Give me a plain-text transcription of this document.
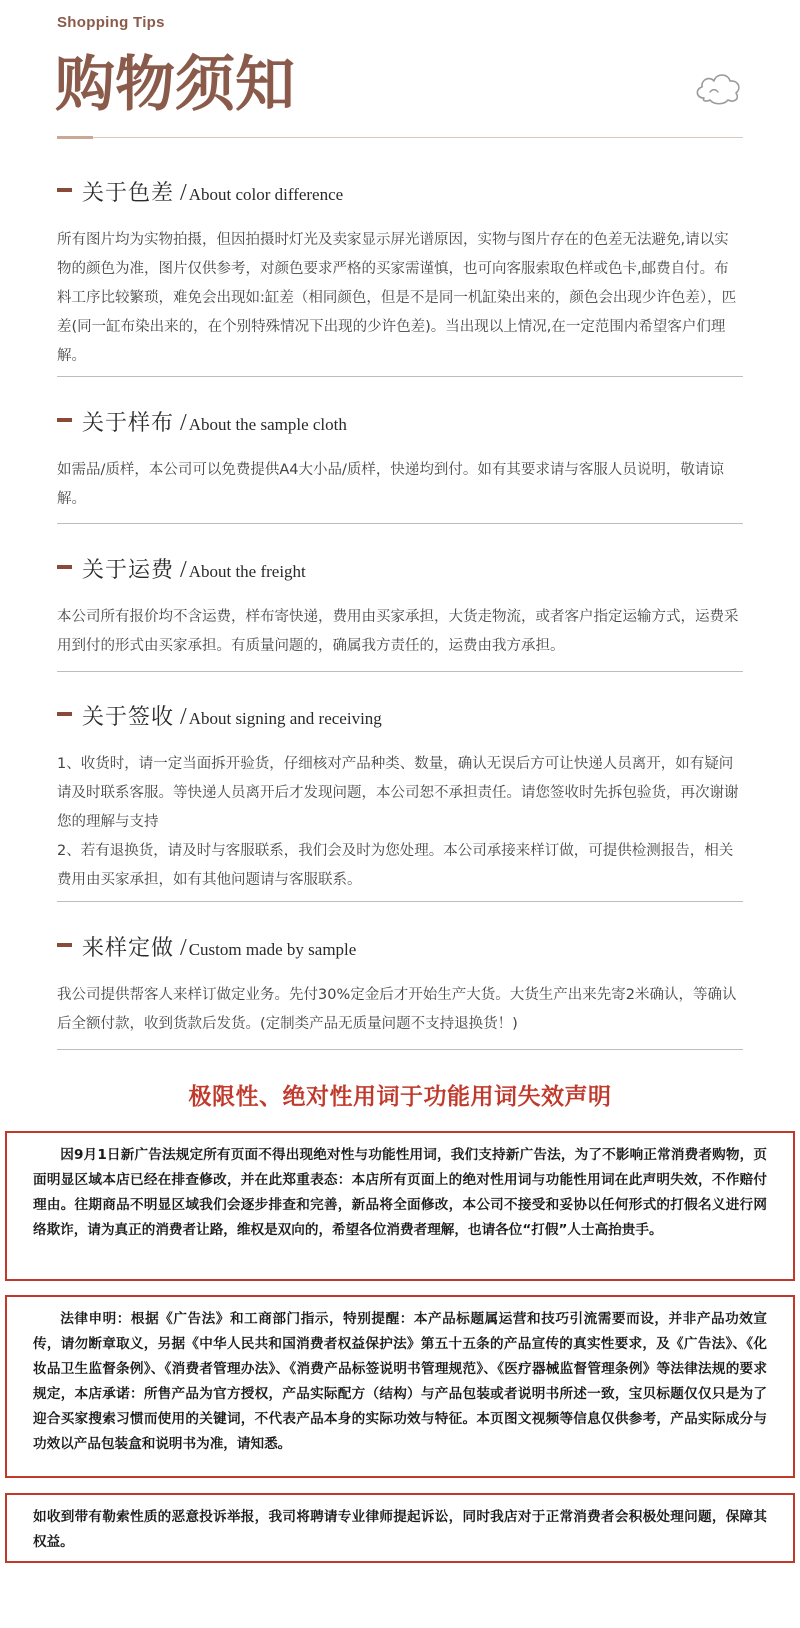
Shopping Tips
购物须知
关于色差 / About color difference

所有图片均为实物拍摄，但因拍摄时灯光及卖家显示屏光谱原因，实物与图片存在的色差无法避免,请以实物的颜色为准，图片仅供参考，对颜色要求严格的买家需谨慎，也可向客服索取色样或色卡,邮费自付。布料工序比较繁琐，难免会出现如:缸差（相同颜色，但是不是同一机缸染出来的，颜色会出现少许色差），匹差(同一缸布染出来的，在个别特殊情况下出现的少许色差)。当出现以上情况,在一定范围内希望客户们理解。

关于样布 / About the sample cloth

如需品/质样，本公司可以免费提供A4大小品/质样，快递均到付。如有其要求请与客服人员说明，敬请谅解。

关于运费 / About the freight

本公司所有报价均不含运费，样布寄快递，费用由买家承担，大货走物流，或者客户指定运输方式，运费采用到付的形式由买家承担。有质量问题的，确属我方责任的，运费由我方承担。

关于签收 / About signing and receiving

1、收货时，请一定当面拆开验货，仔细核对产品种类、数量，确认无误后方可让快递人员离开，如有疑问请及时联系客服。等快递人员离开后才发现问题，本公司恕不承担责任。请您签收时先拆包验货，再次谢谢您的理解与支持

2、若有退换货，请及时与客服联系，我们会及时为您处理。本公司承接来样订做，可提供检测报告，相关费用由买家承担，如有其他问题请与客服联系。

来样定做 / Custom made by sample

我公司提供帮客人来样订做定业务。先付30%定金后才开始生产大货。大货生产出来先寄2米确认，等确认后全额付款，收到货款后发货。(定制类产品无质量问题不支持退换货！)

极限性、绝对性用词于功能用词失效声明

因9月1日新广告法规定所有页面不得出现绝对性与功能性用词，我们支持新广告法，为了不影响正常消费者购物，页面明显区域本店已经在排查修改，并在此郑重表态：本店所有页面上的绝对性用词与功能性用词在此声明失效，不作赔付理由。往期商品不明显区域我们会逐步排查和完善，新品将全面修改，本公司不接受和妥协以任何形式的打假名义进行网络欺诈，请为真正的消费者让路，维权是双向的，希望各位消费者理解，也请各位“打假”人士高抬贵手。

法律申明：根据《广告法》和工商部门指示，特别提醒：本产品标题属运营和技巧引流需要而设，并非产品功效宣传，请勿断章取义，另据《中华人民共和国消费者权益保护法》第五十五条的产品宣传的真实性要求，及《广告法》、《化妆品卫生监督条例》、《消费者管理办法》、《消费产品标签说明书管理规范》、《医疗器械监督管理条例》等法律法规的要求规定，本店承诺：所售产品为官方授权，产品实际配方（结构）与产品包装或者说明书所述一致，宝贝标题仅仅只是为了迎合买家搜索习惯而使用的关键词，不代表产品本身的实际功效与特征。本页图文视频等信息仅供参考，产品实际成分与功效以产品包装盒和说明书为准，请知悉。

如收到带有勒索性质的恶意投诉举报，我司将聘请专业律师提起诉讼，同时我店对于正常消费者会积极处理问题，保障其权益。
